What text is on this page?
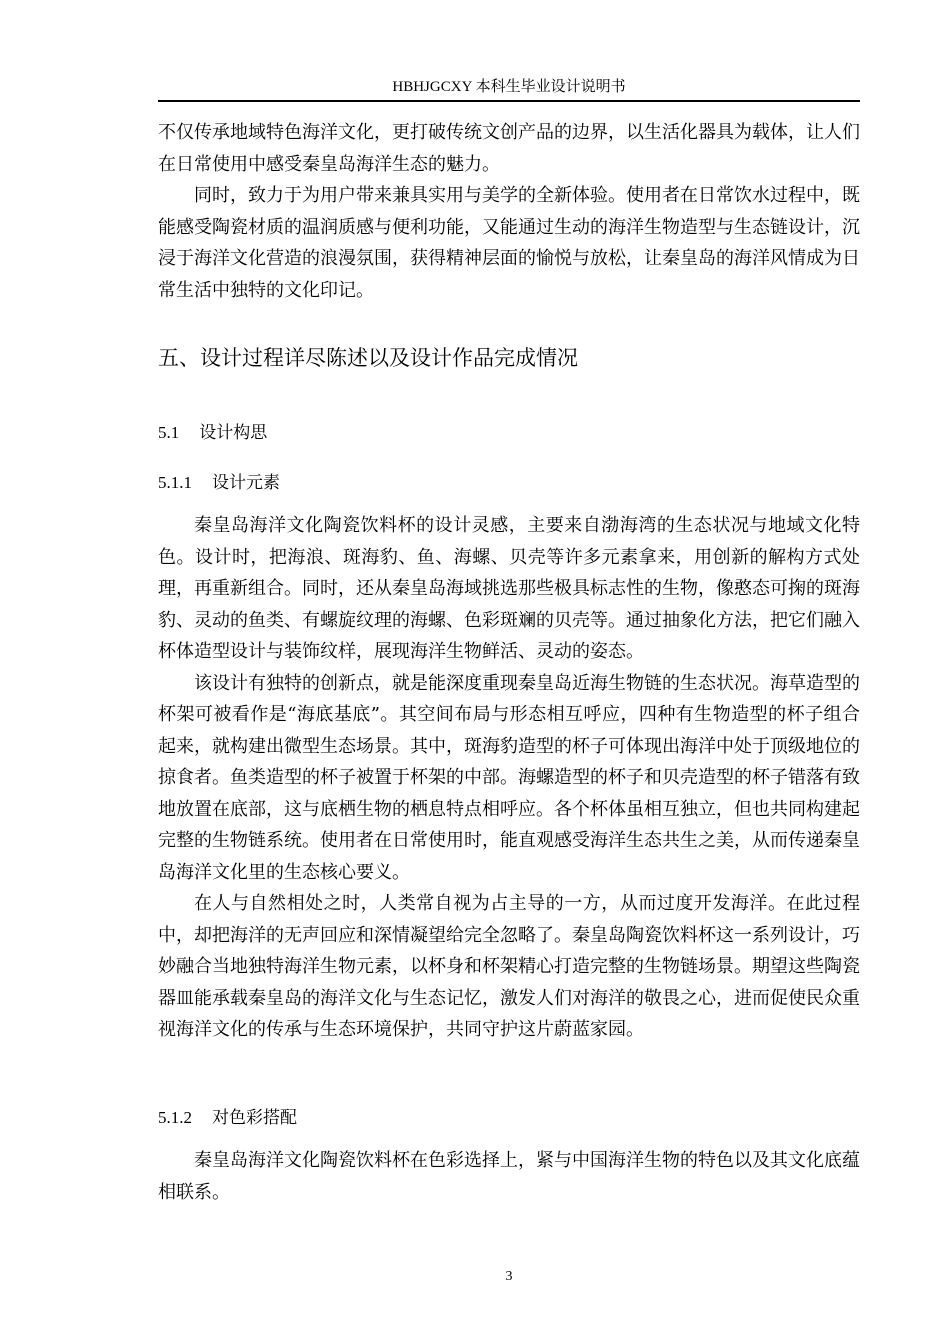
HBHJGCXY 本科生毕业设计说明书

不仅传承地域特色海洋文化，更打破传统文创产品的边界，以生活化器具为载体，让人们在日常使用中感受秦皇岛海洋生态的魅力。

同时，致力于为用户带来兼具实用与美学的全新体验。使用者在日常饮水过程中，既能感受陶瓷材质的温润质感与便利功能，又能通过生动的海洋生物造型与生态链设计，沉浸于海洋文化营造的浪漫氛围，获得精神层面的愉悦与放松，让秦皇岛的海洋风情成为日常生活中独特的文化印记。

五、设计过程详尽陈述以及设计作品完成情况
5.1 设计构思
5.1.1 设计元素

秦皇岛海洋文化陶瓷饮料杯的设计灵感，主要来自渤海湾的生态状况与地域文化特色。设计时，把海浪、斑海豹、鱼、海螺、贝壳等许多元素拿来，用创新的解构方式处理，再重新组合。同时，还从秦皇岛海域挑选那些极具标志性的生物，像憨态可掬的斑海豹、灵动的鱼类、有螺旋纹理的海螺、色彩斑斓的贝壳等。通过抽象化方法，把它们融入杯体造型设计与装饰纹样，展现海洋生物鲜活、灵动的姿态。

该设计有独特的创新点，就是能深度重现秦皇岛近海生物链的生态状况。海草造型的杯架可被看作是“海底基底”。其空间布局与形态相互呼应，四种有生物造型的杯子组合起来，就构建出微型生态场景。其中，斑海豹造型的杯子可体现出海洋中处于顶级地位的掠食者。鱼类造型的杯子被置于杯架的中部。海螺造型的杯子和贝壳造型的杯子错落有致地放置在底部，这与底栖生物的栖息特点相呼应。各个杯体虽相互独立，但也共同构建起完整的生物链系统。使用者在日常使用时，能直观感受海洋生态共生之美，从而传递秦皇岛海洋文化里的生态核心要义。

在人与自然相处之时，人类常自视为占主导的一方，从而过度开发海洋。在此过程中，却把海洋的无声回应和深情凝望给完全忽略了。秦皇岛陶瓷饮料杯这一系列设计，巧妙融合当地独特海洋生物元素，以杯身和杯架精心打造完整的生物链场景。期望这些陶瓷器皿能承载秦皇岛的海洋文化与生态记忆，激发人们对海洋的敬畏之心，进而促使民众重视海洋文化的传承与生态环境保护，共同守护这片蔚蓝家园。

5.1.2 对色彩搭配

秦皇岛海洋文化陶瓷饮料杯在色彩选择上，紧与中国海洋生物的特色以及其文化底蕴相联系。

3
